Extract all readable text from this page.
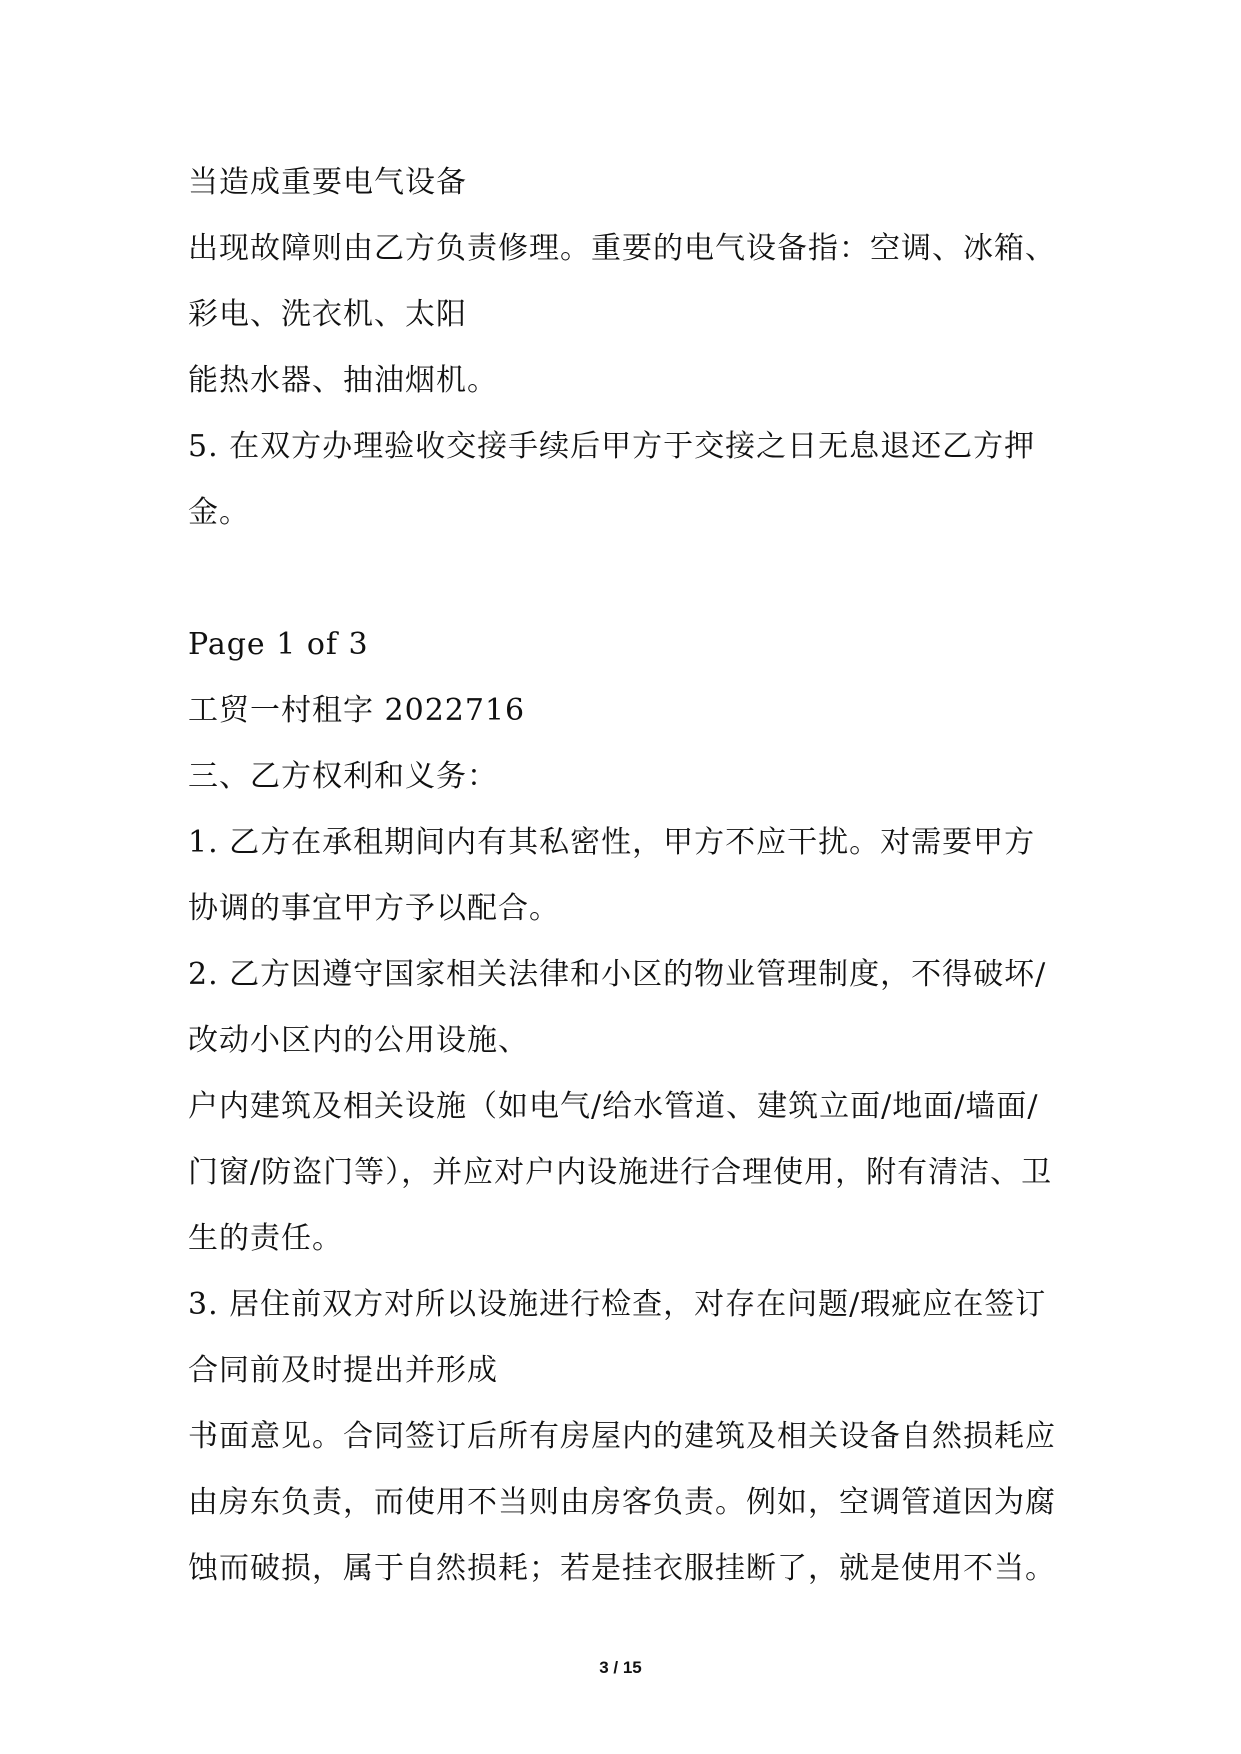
当造成重要电气设备
出现故障则由乙方负责修理。重要的电气设备指：空调、冰箱、
彩电、洗衣机、太阳
能热水器、抽油烟机。
5. 在双方办理验收交接手续后甲方于交接之日无息退还乙方押
金。
Page 1 of 3
工贸一村租字 2022716
三、乙方权利和义务：
1. 乙方在承租期间内有其私密性，甲方不应干扰。对需要甲方
协调的事宜甲方予以配合。
2. 乙方因遵守国家相关法律和小区的物业管理制度，不得破坏/
改动小区内的公用设施、
户内建筑及相关设施（如电气/给水管道、建筑立面/地面/墙面/
门窗/防盗门等），并应对户内设施进行合理使用，附有清洁、卫
生的责任。
3. 居住前双方对所以设施进行检查，对存在问题/瑕疵应在签订
合同前及时提出并形成
书面意见。合同签订后所有房屋内的建筑及相关设备自然损耗应
由房东负责，而使用不当则由房客负责。例如，空调管道因为腐
蚀而破损，属于自然损耗；若是挂衣服挂断了，就是使用不当。
3 / 15
